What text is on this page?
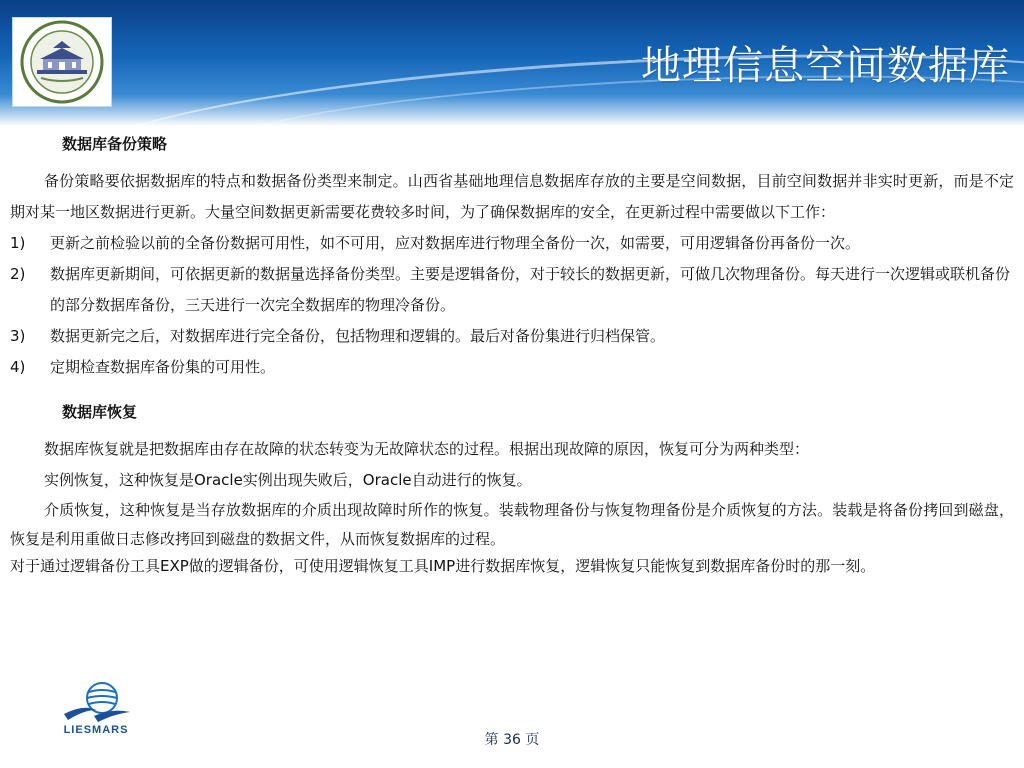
地理信息空间数据库

数据库备份策略

备份策略要依据数据库的特点和数据备份类型来制定。山西省基础地理信息数据库存放的主要是空间数据，目前空间数据并非实时更新，而是不定期对某一地区数据进行更新。大量空间数据更新需要花费较多时间，为了确保数据库的安全，在更新过程中需要做以下工作：

1)	更新之前检验以前的全备份数据可用性，如不可用，应对数据库进行物理全备份一次，如需要，可用逻辑备份再备份一次。
2)	数据库更新期间，可依据更新的数据量选择备份类型。主要是逻辑备份，对于较长的数据更新，可做几次物理备份。每天进行一次逻辑或联机备份的部分数据库备份，三天进行一次完全数据库的物理冷备份。
3)	数据更新完之后，对数据库进行完全备份，包括物理和逻辑的。最后对备份集进行归档保管。
4)	定期检查数据库备份集的可用性。

数据库恢复

数据库恢复就是把数据库由存在故障的状态转变为无故障状态的过程。根据出现故障的原因，恢复可分为两种类型：

实例恢复，这种恢复是Oracle实例出现失败后，Oracle自动进行的恢复。

介质恢复，这种恢复是当存放数据库的介质出现故障时所作的恢复。装载物理备份与恢复物理备份是介质恢复的方法。装载是将备份拷回到磁盘，恢复是利用重做日志修改拷回到磁盘的数据文件，从而恢复数据库的过程。

对于通过逻辑备份工具EXP做的逻辑备份，可使用逻辑恢复工具IMP进行数据库恢复，逻辑恢复只能恢复到数据库备份时的那一刻。

LIESMARS
第 36 页
